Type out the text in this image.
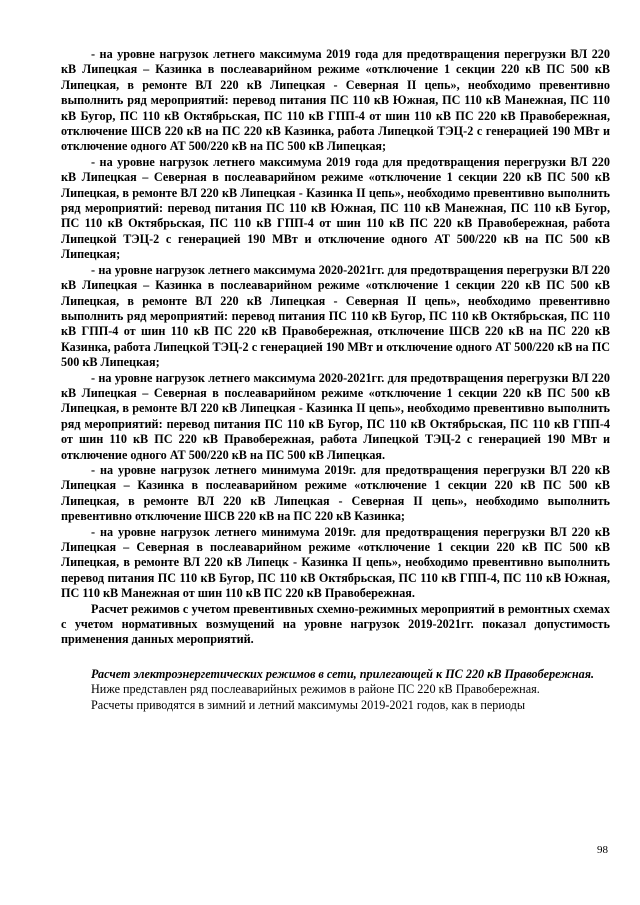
- на уровне нагрузок летнего максимума 2019 года для предотвращения перегрузки ВЛ 220 кВ Липецкая – Казинка в послеаварийном режиме «отключение 1 секции 220 кВ ПС 500 кВ Липецкая, в ремонте ВЛ 220 кВ Липецкая - Северная II цепь», необходимо превентивно выполнить ряд мероприятий: перевод питания ПС 110 кВ Южная, ПС 110 кВ Манежная, ПС 110 кВ Бугор, ПС 110 кВ Октябрьская, ПС 110 кВ ГПП-4 от шин 110 кВ ПС 220 кВ Правобережная, отключение ШСВ 220 кВ на ПС 220 кВ Казинка, работа Липецкой ТЭЦ-2 с генерацией 190 МВт и отключение одного АТ 500/220 кВ на ПС 500 кВ Липецкая;

- на уровне нагрузок летнего максимума 2019 года для предотвращения перегрузки ВЛ 220 кВ Липецкая – Северная в послеаварийном режиме «отключение 1 секции 220 кВ ПС 500 кВ Липецкая, в ремонте ВЛ 220 кВ Липецкая - Казинка II цепь», необходимо превентивно выполнить ряд мероприятий: перевод питания ПС 110 кВ Южная, ПС 110 кВ Манежная, ПС 110 кВ Бугор, ПС 110 кВ Октябрьская, ПС 110 кВ ГПП-4 от шин 110 кВ ПС 220 кВ Правобережная, работа Липецкой ТЭЦ-2 с генерацией 190 МВт и отключение одного АТ 500/220 кВ на ПС 500 кВ Липецкая;

- на уровне нагрузок летнего максимума 2020-2021гг. для предотвращения перегрузки ВЛ 220 кВ Липецкая – Казинка в послеаварийном режиме «отключение 1 секции 220 кВ ПС 500 кВ Липецкая, в ремонте ВЛ 220 кВ Липецкая - Северная II цепь», необходимо превентивно выполнить ряд мероприятий: перевод питания ПС 110 кВ Бугор, ПС 110 кВ Октябрьская, ПС 110 кВ ГПП-4 от шин 110 кВ ПС 220 кВ Правобережная, отключение ШСВ 220 кВ на ПС 220 кВ Казинка, работа Липецкой ТЭЦ-2 с генерацией 190 МВт и отключение одного АТ 500/220 кВ на ПС 500 кВ Липецкая;

- на уровне нагрузок летнего максимума 2020-2021гг. для предотвращения перегрузки ВЛ 220 кВ Липецкая – Северная в послеаварийном режиме «отключение 1 секции 220 кВ ПС 500 кВ Липецкая, в ремонте ВЛ 220 кВ Липецкая - Казинка II цепь», необходимо превентивно выполнить ряд мероприятий: перевод питания ПС 110 кВ Бугор, ПС 110 кВ Октябрьская, ПС 110 кВ ГПП-4 от шин 110 кВ ПС 220 кВ Правобережная, работа Липецкой ТЭЦ-2 с генерацией 190 МВт и отключение одного АТ 500/220 кВ на ПС 500 кВ Липецкая.

- на уровне нагрузок летнего минимума 2019г. для предотвращения перегрузки ВЛ 220 кВ Липецкая – Казинка в послеаварийном режиме «отключение 1 секции 220 кВ ПС 500 кВ Липецкая, в ремонте ВЛ 220 кВ Липецкая - Северная II цепь», необходимо выполнить превентивно отключение ШСВ 220 кВ на ПС 220 кВ Казинка;

- на уровне нагрузок летнего минимума 2019г. для предотвращения перегрузки ВЛ 220 кВ Липецкая – Северная в послеаварийном режиме «отключение 1 секции 220 кВ ПС 500 кВ Липецкая, в ремонте ВЛ 220 кВ Липецк - Казинка II цепь», необходимо превентивно выполнить перевод питания ПС 110 кВ Бугор, ПС 110 кВ Октябрьская, ПС 110 кВ ГПП-4, ПС 110 кВ Южная, ПС 110 кВ Манежная от шин 110 кВ ПС 220 кВ Правобережная.

Расчет режимов с учетом превентивных схемно-режимных мероприятий в ремонтных схемах с учетом нормативных возмущений на уровне нагрузок 2019-2021гг. показал допустимость применения данных мероприятий.

Расчет электроэнергетических режимов в сети, прилегающей к ПС 220 кВ Правобережная.

Ниже представлен ряд послеаварийных режимов в районе ПС 220 кВ Правобережная.

Расчеты приводятся в зимний и летний максимумы 2019-2021 годов, как в периоды

98
